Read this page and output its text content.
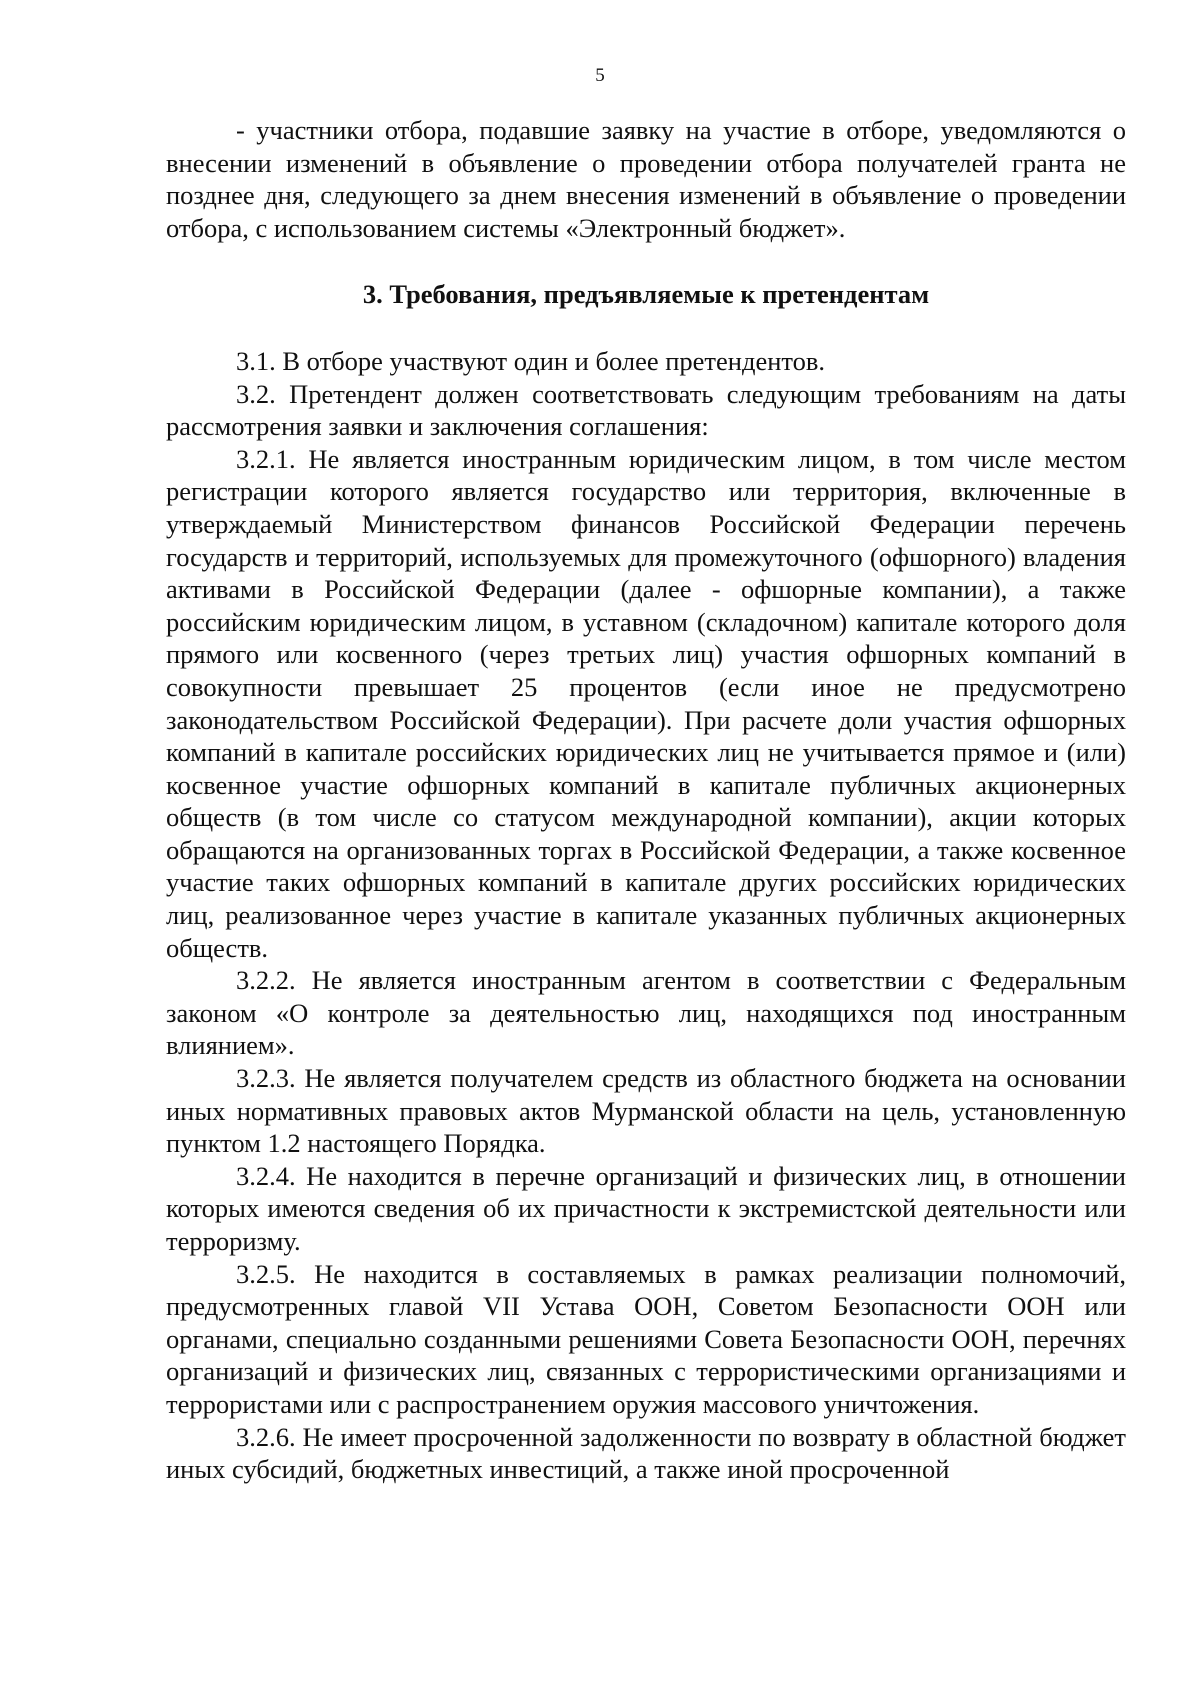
5

- участники отбора, подавшие заявку на участие в отборе, уведомляются о внесении изменений в объявление о проведении отбора получателей гранта не позднее дня, следующего за днем внесения изменений в объявление о проведении отбора, с использованием системы «Электронный бюджет».

3. Требования, предъявляемые к претендентам

3.1. В отборе участвуют один и более претендентов.

3.2. Претендент должен соответствовать следующим требованиям на даты рассмотрения заявки и заключения соглашения:

3.2.1. Не является иностранным юридическим лицом, в том числе местом регистрации которого является государство или территория, включенные в утверждаемый Министерством финансов Российской Федерации перечень государств и территорий, используемых для промежуточного (офшорного) владения активами в Российской Федерации (далее - офшорные компании), а также российским юридическим лицом, в уставном (складочном) капитале которого доля прямого или косвенного (через третьих лиц) участия офшорных компаний в совокупности превышает 25 процентов (если иное не предусмотрено законодательством Российской Федерации). При расчете доли участия офшорных компаний в капитале российских юридических лиц не учитывается прямое и (или) косвенное участие офшорных компаний в капитале публичных акционерных обществ (в том числе со статусом международной компании), акции которых обращаются на организованных торгах в Российской Федерации, а также косвенное участие таких офшорных компаний в капитале других российских юридических лиц, реализованное через участие в капитале указанных публичных акционерных обществ.

3.2.2. Не является иностранным агентом в соответствии с Федеральным законом «О контроле за деятельностью лиц, находящихся под иностранным влиянием».

3.2.3. Не является получателем средств из областного бюджета на основании иных нормативных правовых актов Мурманской области на цель, установленную пунктом 1.2 настоящего Порядка.

3.2.4. Не находится в перечне организаций и физических лиц, в отношении которых имеются сведения об их причастности к экстремистской деятельности или терроризму.

3.2.5. Не находится в составляемых в рамках реализации полномочий, предусмотренных главой VII Устава ООН, Советом Безопасности ООН или органами, специально созданными решениями Совета Безопасности ООН, перечнях организаций и физических лиц, связанных с террористическими организациями и террористами или с распространением оружия массового уничтожения.

3.2.6. Не имеет просроченной задолженности по возврату в областной бюджет иных субсидий, бюджетных инвестиций, а также иной просроченной
